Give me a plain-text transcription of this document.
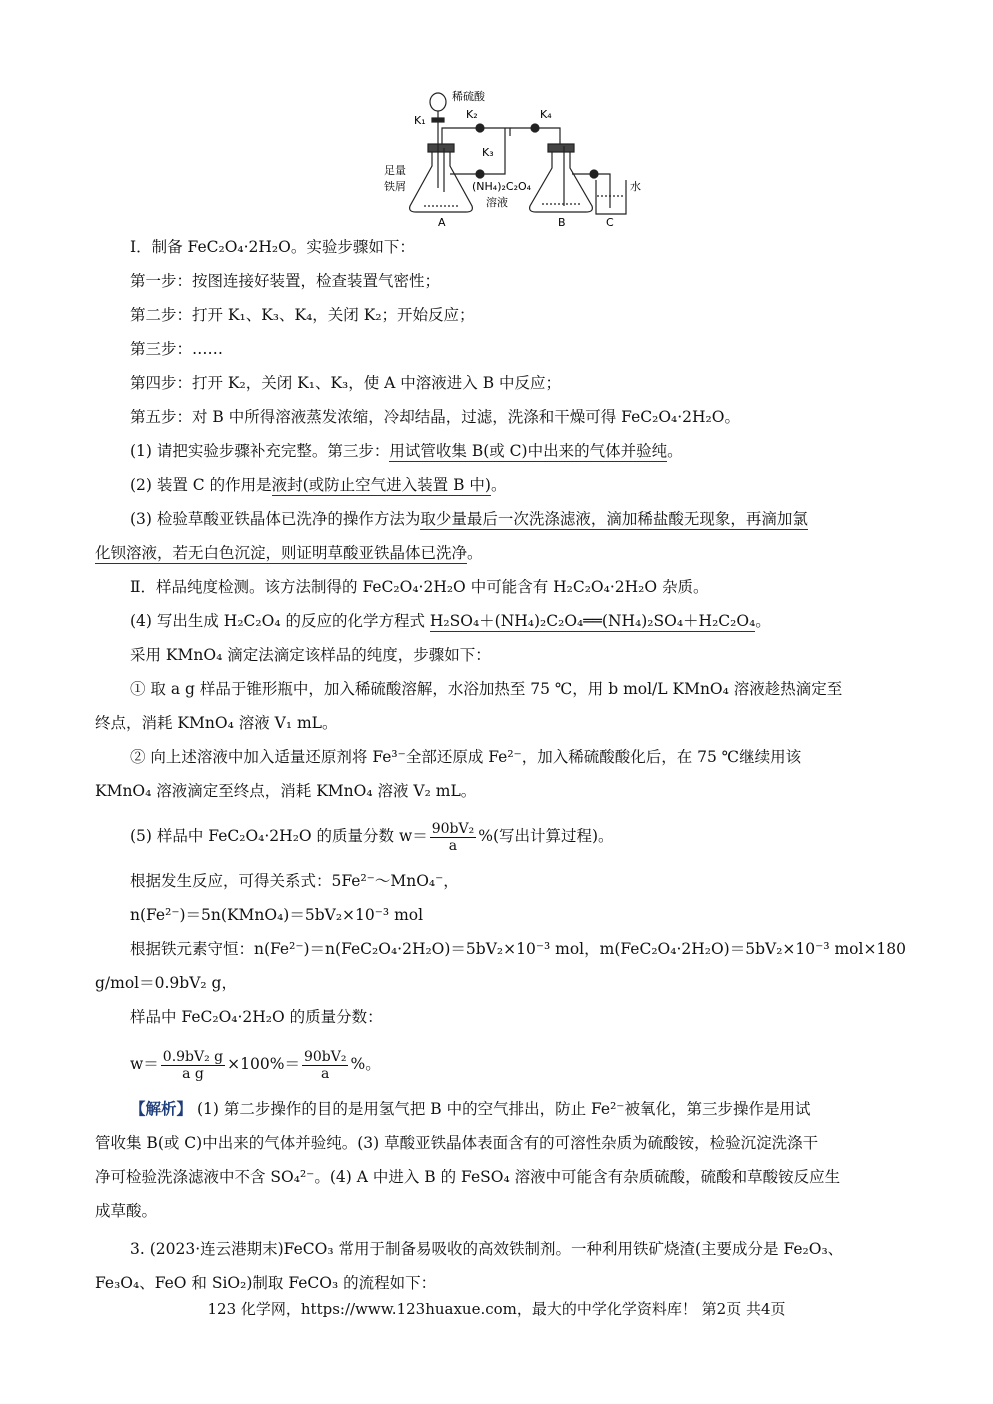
稀硫酸
K₁	K₂
K₃
K₄
足量
铁屑	(NH₄)₂C₂O₄
溶液
水
A	B	C
Ⅰ．制备 FeC₂O₄·2H₂O。实验步骤如下：
第一步：按图连接好装置，检查装置气密性；
第二步：打开 K₁、K₃、K₄，关闭 K₂；开始反应；
第三步：……
第四步：打开 K₂，关闭 K₁、K₃，使 A 中溶液进入 B 中反应；
第五步：对 B 中所得溶液蒸发浓缩，冷却结晶，过滤，洗涤和干燥可得 FeC₂O₄·2H₂O。
(1) 请把实验步骤补充完整。第三步：用试管收集 B(或 C)中出来的气体并验纯。
(2) 装置 C 的作用是液封(或防止空气进入装置 B 中)。
(3) 检验草酸亚铁晶体已洗净的操作方法为取少量最后一次洗涤滤液，滴加稀盐酸无现象，再滴加氯
化钡溶液，若无白色沉淀，则证明草酸亚铁晶体已洗净。
Ⅱ．样品纯度检测。该方法制得的 FeC₂O₄·2H₂O 中可能含有 H₂C₂O₄·2H₂O 杂质。
(4) 写出生成 H₂C₂O₄ 的反应的化学方程式 H₂SO₄＋(NH₄)₂C₂O₄══(NH₄)₂SO₄＋H₂C₂O₄。
采用 KMnO₄ 滴定法滴定该样品的纯度，步骤如下：
① 取 a g 样品于锥形瓶中，加入稀硫酸溶解，水浴加热至 75 ℃，用 b mol/L KMnO₄ 溶液趁热滴定至
终点，消耗 KMnO₄ 溶液 V₁ mL。
② 向上述溶液中加入适量还原剂将 Fe³⁻全部还原成 Fe²⁻，加入稀硫酸酸化后，在 75 ℃继续用该
KMnO₄ 溶液滴定至终点，消耗 KMnO₄ 溶液 V₂ mL。
(5) 样品中 FeC₂O₄·2H₂O 的质量分数 $w= \frac{\text{90bV₂}}{a}$ %(写出计算过程)。
根据发生反应，可得关系式：5Fe²⁻～MnO₄⁻，
n(Fe²⁻)＝5n(KMnO₄)＝5bV₂×10⁻³ mol
根据铁元素守恒：n(Fe²⁻)＝n(FeC₂O₄·2H₂O)＝5bV₂×10⁻³ mol，m(FeC₂O₄·2H₂O)＝5bV₂×10⁻³ mol×180
g/mol＝0.9bV₂ g，
样品中 FeC₂O₄·2H₂O 的质量分数：
$w= \frac{\text{0.9bV₂ g}}{\text{a g}} \times 100\%= \frac{\text{90bV₂}}{a}$ %。
【解析】 (1) 第二步操作的目的是用氢气把 B 中的空气排出，防止 Fe²⁻被氧化，第三步操作是用试
管收集 B(或 C)中出来的气体并验纯。(3) 草酸亚铁晶体表面含有的可溶性杂质为硫酸铵，检验沉淀洗涤干
净可检验洗涤滤液中不含 SO₄²⁻。(4) A 中进入 B 的 FeSO₄ 溶液中可能含有杂质硫酸，硫酸和草酸铵反应生
成草酸。
3. (2023·连云港期末)FeCO₃ 常用于制备易吸收的高效铁制剂。一种利用铁矿烧渣(主要成分是 Fe₂O₃、
Fe₃O₄、FeO 和 SiO₂)制取 FeCO₃ 的流程如下：
123 化学网，https://www.123huaxue.com，最大的中学化学资料库！ 第2页 共4页
